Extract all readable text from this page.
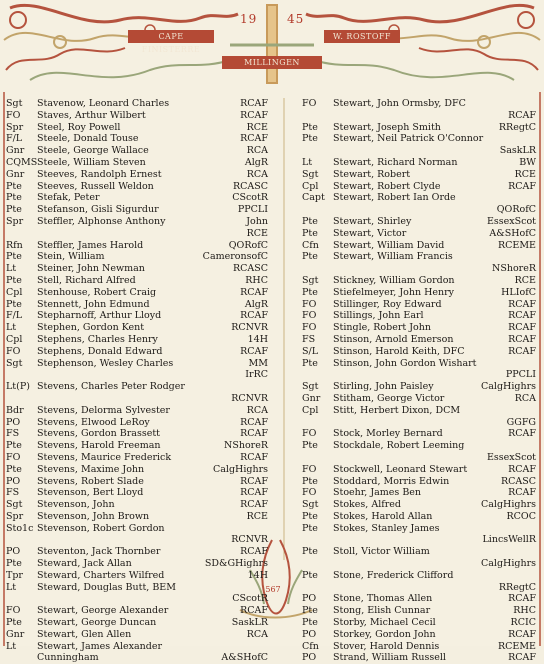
19 45
CAPE FINISTERRE
W. ROSTOFF
MILLINGEN
Sgt	Stavenow, Leonard Charles	RCAF
FO	Staves, Arthur Wilbert	RCAF
Spr	Steel, Roy Powell	RCE
F/L	Steele, Donald Touse	RCAF
Gnr	Steele, George Wallace	RCA
CQMS Steele, William Steven	AlgR
Gnr	Steeves, Randolph Ernest	RCA
Pte	Steeves, Russell Weldon	RCASC
Pte	Stefak, Peter	CScotR
Pte	Stefanson, Gisli Sigurdur	PPCLI
Spr	Steffler, Alphonse Anthony	John
RCE
Rfn	Steffler, James Harold	QORofC
Pte	Stein, William	CameronsofC
Lt	Steiner, John Newman	RCASC
Pte	Stell, Richard Alfred	RHC
Cpl	Stenhouse, Robert Craig	RCAF
Pte	Stennett, John Edmund	AlgR
F/L	Stepharnoff, Arthur Lloyd	RCAF
Lt	Stephen, Gordon Kent	RCNVR
Cpl	Stephens, Charles Henry	14H
FO	Stephens, Donald Edward	RCAF
Sgt	Stephenson, Wesley Charles	MM
IrRC
Lt(P) Stevens, Charles Peter Rodger
RCNVR
Bdr	Stevens, Delorma Sylvester	RCA
PO	Stevens, Elwood LeRoy	RCAF
FS	Stevens, Gordon Brassett	RCAF
Pte	Stevens, Harold Freeman	NShoreR
FO	Stevens, Maurice Frederick	RCAF
Pte	Stevens, Maxime John	CalgHighrs
PO	Stevens, Robert Slade	RCAF
FS	Stevenson, Bert Lloyd	RCAF
Sgt	Stevenson, John	RCAF
Spr	Stevenson, John Brown	RCE
Sto1c Stevenson, Robert Gordon
RCNVR
PO	Steventon, Jack Thornber	RCAF
Pte	Steward, Jack Allan	SD&GHighrs
Tpr	Steward, Charters Wilfred	14H
Lt	Steward, Douglas Butt, BEM
CScotR
FO	Stewart, George Alexander	RCAF
Pte	Stewart, George Duncan	SaskLR
Gnr	Stewart, Glen Allen	RCA
Lt	Stewart, James Alexander
Cunningham	A&SHofC
FO	Stewart, John Ormsby, DFC
RCAF
Pte	Stewart, Joseph Smith	RRegtC
Pte	Stewart, Neil Patrick O'Connor
SaskLR
Lt	Stewart, Richard Norman	BW
Sgt	Stewart, Robert	RCE
Cpl	Stewart, Robert Clyde	RCAF
Capt Stewart, Robert Ian Orde
QORofC
Pte	Stewart, Shirley	EssexScot
Pte	Stewart, Victor	A&SHofC
Cfn	Stewart, William David	RCEME
Pte	Stewart, William Francis
NShoreR
Sgt	Stickney, William Gordon	RCE
Pte	Stiefelmeyer, John Henry	HLIofC
FO	Stillinger, Roy Edward	RCAF
FO	Stillings, John Earl	RCAF
FO	Stingle, Robert John	RCAF
FS	Stinson, Arnold Emerson	RCAF
S/L	Stinson, Harold Keith, DFC	RCAF
Pte	Stinson, John Gordon Wishart
PPCLI
Sgt	Stirling, John Paisley	CalgHighrs
Gnr	Stitham, George Victor	RCA
Cpl	Stitt, Herbert Dixon, DCM
GGFG
FO	Stock, Morley Bernard	RCAF
Pte	Stockdale, Robert Leeming
EssexScot
FO	Stockwell, Leonard Stewart	RCAF
Pte	Stoddard, Morris Edwin	RCASC
FO	Stoehr, James Ben	RCAF
Sgt	Stokes, Alfred	CalgHighrs
Pte	Stokes, Harold Allan	RCOC
Pte	Stokes, Stanley James
LincsWellR
Pte	Stoll, Victor William
CalgHighrs
Pte	Stone, Frederick Clifford
RRegtC
PO	Stone, Thomas Allen	RCAF
Pte	Stong, Elish Cunnar	RHC
Pte	Storby, Michael Cecil	RCIC
PO	Storkey, Gordon John	RCAF
Cfn	Stover, Harold Dennis	RCEME
PO	Strand, William Russell	RCAF
567
